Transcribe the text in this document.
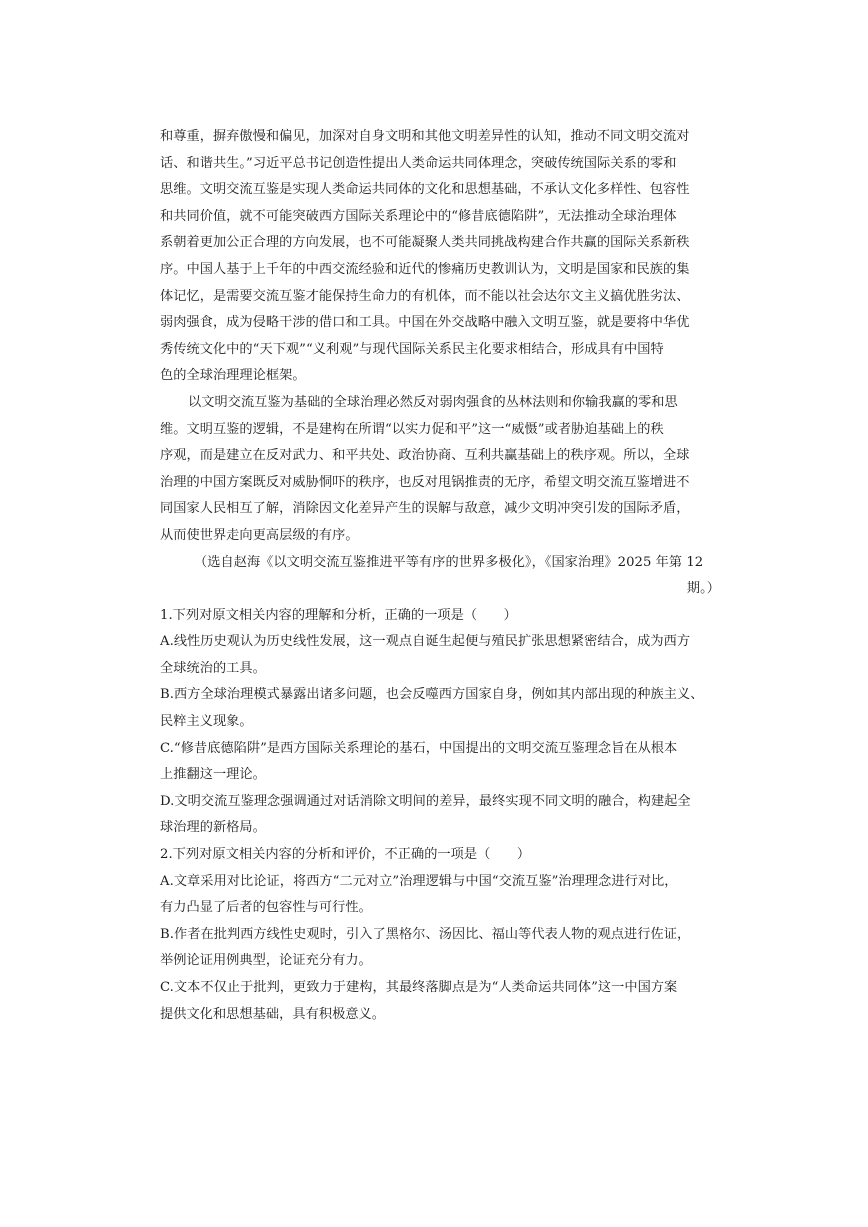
和尊重，摒弃傲慢和偏见，加深对自身文明和其他文明差异性的认知，推动不同文明交流对
话、和谐共生。”习近平总书记创造性提出人类命运共同体理念，突破传统国际关系的零和
思维。文明交流互鉴是实现人类命运共同体的文化和思想基础，不承认文化多样性、包容性
和共同价值，就不可能突破西方国际关系理论中的“修昔底德陷阱”，无法推动全球治理体
系朝着更加公正合理的方向发展，也不可能凝聚人类共同挑战构建合作共赢的国际关系新秩
序。中国人基于上千年的中西交流经验和近代的惨痛历史教训认为，文明是国家和民族的集
体记忆，是需要交流互鉴才能保持生命力的有机体，而不能以社会达尔文主义搞优胜劣汰、
弱肉强食，成为侵略干涉的借口和工具。中国在外交战略中融入文明互鉴，就是要将中华优
秀传统文化中的“天下观”“义利观”与现代国际关系民主化要求相结合，形成具有中国特
色的全球治理理论框架。
以文明交流互鉴为基础的全球治理必然反对弱肉强食的丛林法则和你输我赢的零和思
维。文明互鉴的逻辑，不是建构在所谓“以实力促和平”这一“威慑”或者胁迫基础上的秩
序观，而是建立在反对武力、和平共处、政治协商、互利共赢基础上的秩序观。所以，全球
治理的中国方案既反对威胁恫吓的秩序，也反对甩锅推责的无序，希望文明交流互鉴增进不
同国家人民相互了解，消除因文化差异产生的误解与敌意，减少文明冲突引发的国际矛盾，
从而使世界走向更高层级的有序。
（选自赵海《以文明交流互鉴推进平等有序的世界多极化》，《国家治理》2025 年第 12
期。）
1.下列对原文相关内容的理解和分析，正确的一项是（　　）
A.线性历史观认为历史线性发展，这一观点自诞生起便与殖民扩张思想紧密结合，成为西方
全球统治的工具。
B.西方全球治理模式暴露出诸多问题，也会反噬西方国家自身，例如其内部出现的种族主义、
民粹主义现象。
C.“修昔底德陷阱”是西方国际关系理论的基石，中国提出的文明交流互鉴理念旨在从根本
上推翻这一理论。
D.文明交流互鉴理念强调通过对话消除文明间的差异，最终实现不同文明的融合，构建起全
球治理的新格局。
2.下列对原文相关内容的分析和评价，不正确的一项是（　　）
A.文章采用对比论证，将西方“二元对立”治理逻辑与中国“交流互鉴”治理理念进行对比，
有力凸显了后者的包容性与可行性。
B.作者在批判西方线性史观时，引入了黑格尔、汤因比、福山等代表人物的观点进行佐证，
举例论证用例典型，论证充分有力。
C.文本不仅止于批判，更致力于建构，其最终落脚点是为“人类命运共同体”这一中国方案
提供文化和思想基础，具有积极意义。
